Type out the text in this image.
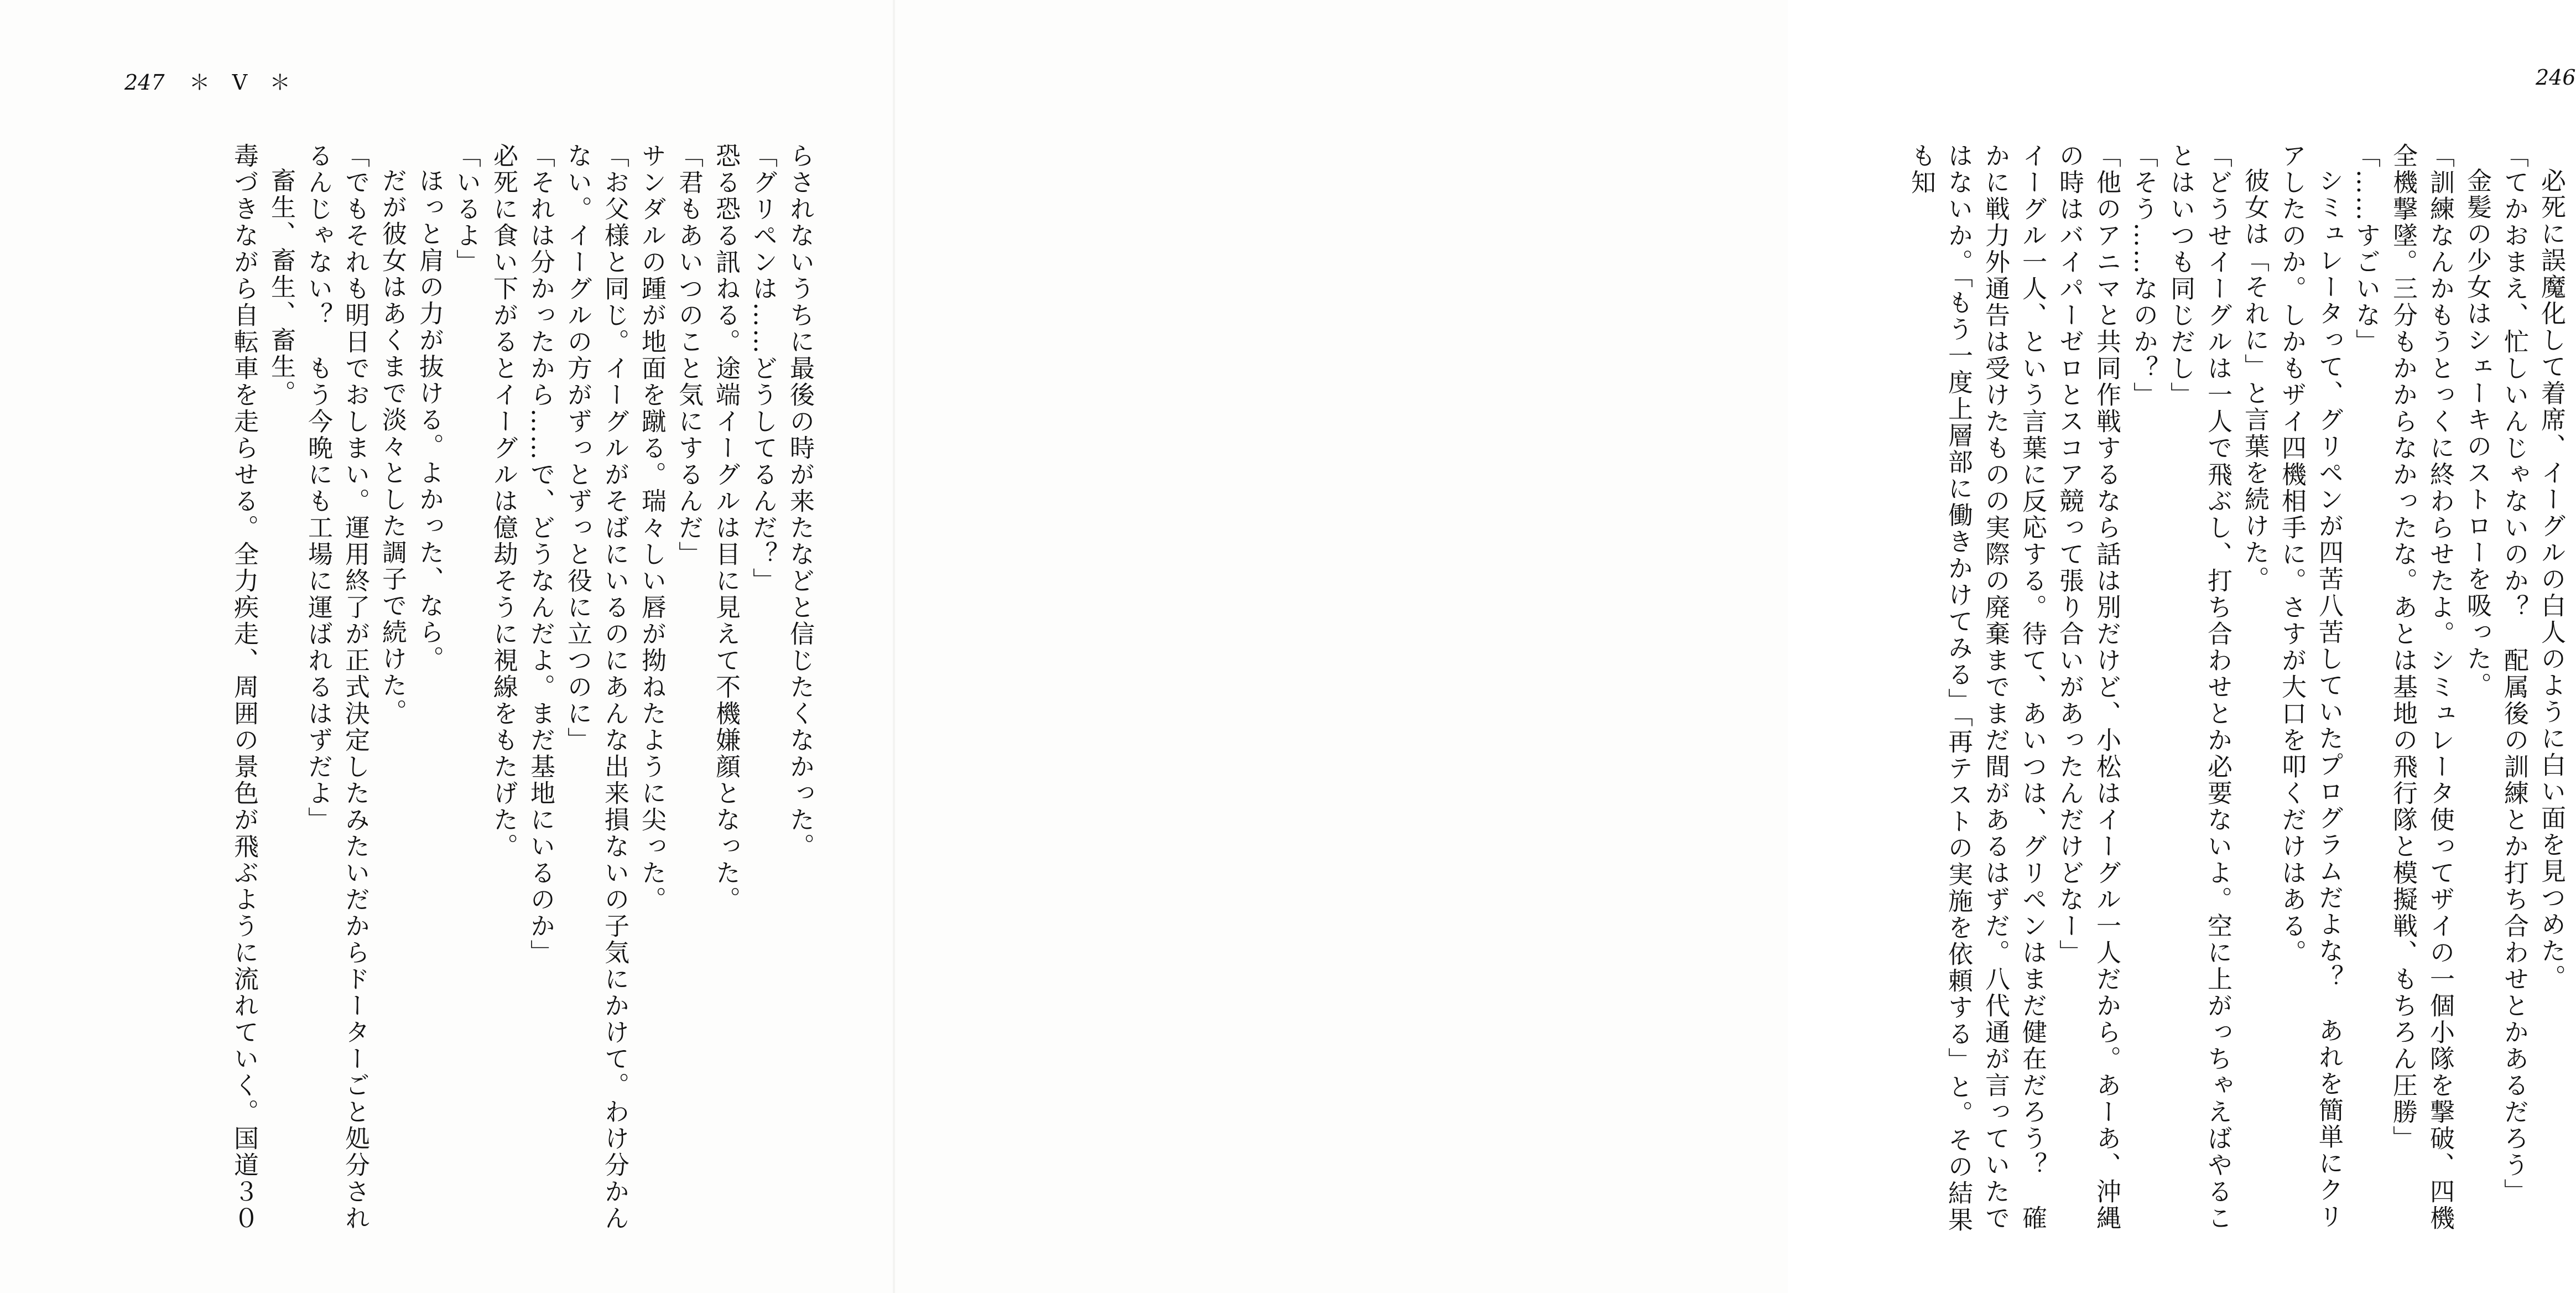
247 ＊ V ＊

らされないうちに最後の時が来たなどと信じたくなかった。

「グリペンは……どうしてるんだ？」

恐る恐る訊ねる。途端イーグルは目に見えて不機嫌顔となった。

「君もあいつのこと気にするんだ」

サンダルの踵が地面を蹴る。瑞々しい唇が拗ねたように尖った。

「お父様と同じ。イーグルがそばにいるのにあんな出来損ないの子気にかけて。わけ分かんない。イーグルの方がずっとずっと役に立つのに」

「それは分かったから……で、どうなんだよ。まだ基地にいるのか」

必死に食い下がるとイーグルは億劫そうに視線をもたげた。

「いるよ」

ほっと肩の力が抜ける。よかった、なら。

だが彼女はあくまで淡々とした調子で続けた。

「でもそれも明日でおしまい。運用終了が正式決定したみたいだからドーターごと処分されるんじゃない？　もう今晩にも工場に運ばれるはずだよ」

畜生、畜生、畜生。

毒づきながら自転車を走らせる。全力疾走、周囲の景色が飛ぶように流れていく。国道３０

246

必死に誤魔化して着席、イーグルの白人のように白い面を見つめた。

「てかおまえ、忙しいんじゃないのか？　配属後の訓練とか打ち合わせとかあるだろう」

金髪の少女はシェーキのストローを吸った。

「訓練なんかもうとっくに終わらせたよ。シミュレータ使ってザイの一個小隊を撃破、四機全機撃墜。三分もかからなかったな。あとは基地の飛行隊と模擬戦、もちろん圧勝」

「……すごいな」

シミュレータって、グリペンが四苦八苦していたプログラムだよな？　あれを簡単にクリアしたのか。しかもザイ四機相手に。さすが大口を叩くだけはある。

彼女は「それに」と言葉を続けた。

「どうせイーグルは一人で飛ぶし、打ち合わせとか必要ないよ。空に上がっちゃえばやることはいつも同じだし」

「そう……なのか？」

「他のアニマと共同作戦するなら話は別だけど、小松はイーグル一人だから。あーあ、沖縄の時はバイパーゼロとスコア競って張り合いがあったんだけどなー」

イーグル一人、という言葉に反応する。待て、あいつは、グリペンはまだ健在だろう？　確かに戦力外通告は受けたものの実際の廃棄までまだ間があるはずだ。八代通が言っていたではないか。「もう一度上層部に働きかけてみる」「再テストの実施を依頼する」と。その結果も知
